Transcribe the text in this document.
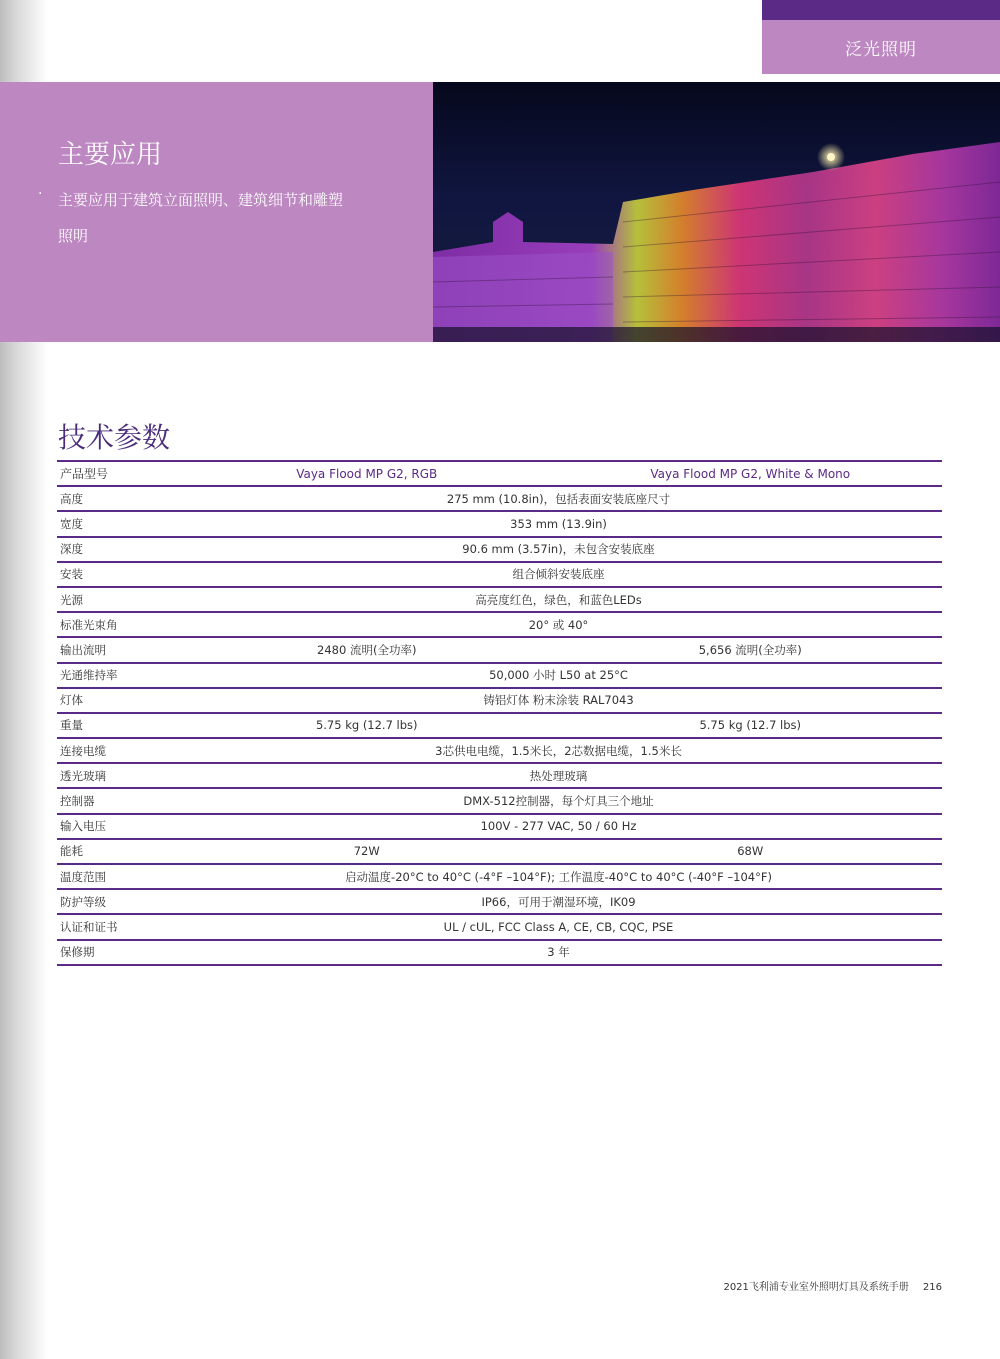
泛光照明
主要应用
· 主要应用于建筑立面照明、建筑细节和雕塑照明
技术参数
产品型号	Vaya Flood MP G2, RGB	Vaya Flood MP G2, White & Mono
高度	275 mm (10.8in)，包括表面安装底座尺寸	
宽度	353 mm (13.9in)	
深度	90.6 mm (3.57in)，未包含安装底座	
安装	组合倾斜安装底座	
光源	高亮度红色，绿色，和蓝色LEDs	
标准光束角	20° 或 40°	
输出流明	2480 流明(全功率)	5,656 流明(全功率)
光通维持率	50,000 小时 L50 at 25°C	
灯体	铸铝灯体 粉末涂装 RAL7043	
重量	5.75 kg (12.7 lbs)	5.75 kg (12.7 lbs)
连接电缆	3芯供电电缆，1.5米长，2芯数据电缆，1.5米长	
透光玻璃	热处理玻璃	
控制器	DMX-512控制器，每个灯具三个地址	
输入电压	100V - 277 VAC, 50 / 60 Hz	
能耗	72W	68W
温度范围	启动温度-20°C to 40°C (-4°F –104°F); 工作温度-40°C to 40°C (-40°F –104°F)	
防护等级	IP66，可用于潮湿环境，IK09	
认证和证书	UL / cUL, FCC Class A, CE, CB, CQC, PSE	
保修期	3 年	
2021飞利浦专业室外照明灯具及系统手册 216
